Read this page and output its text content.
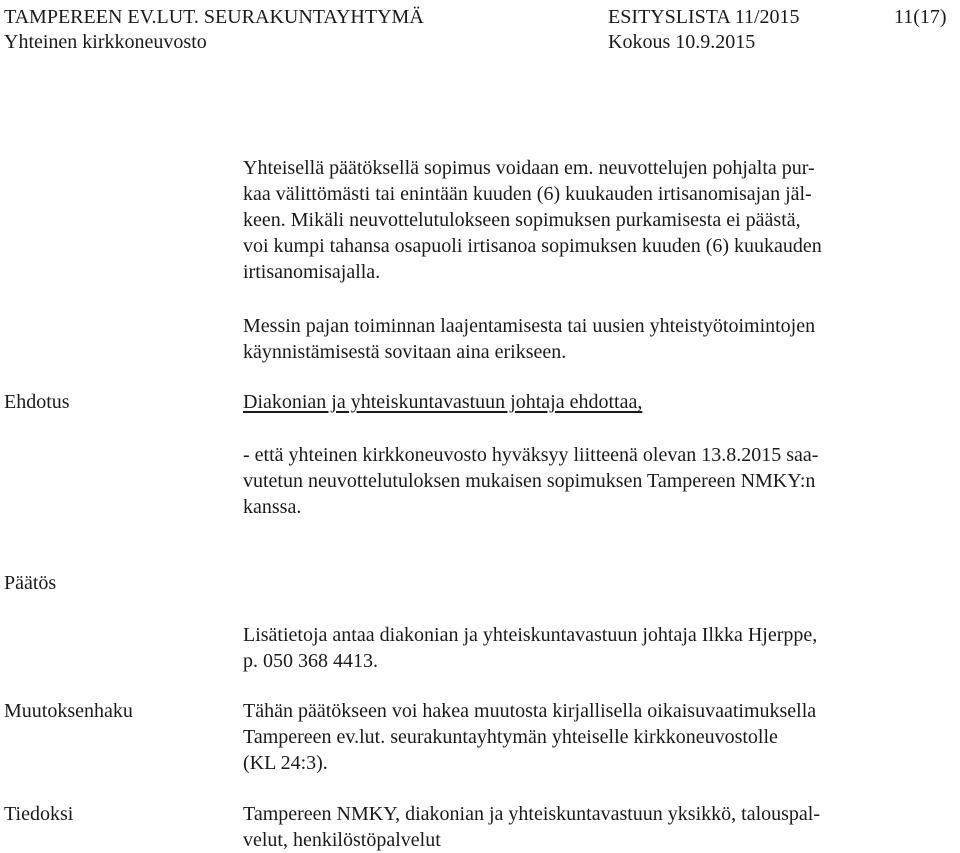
TAMPEREEN EV.LUT. SEURAKUNTAYHTYMÄ	ESITYSLISTA 11/2015	11(17)
Yhteinen kirkkoneuvosto	Kokous 10.9.2015
Yhteisellä päätöksellä sopimus voidaan em. neuvottelujen pohjalta pur-
kaa välittömästi tai enintään kuuden (6) kuukauden irtisanomisajan jäl-
keen. Mikäli neuvottelutulokseen sopimuksen purkamisesta ei päästä,
voi kumpi tahansa osapuoli irtisanoa sopimuksen kuuden (6) kuukauden
irtisanomisajalla.
Messin pajan toiminnan laajentamisesta tai uusien yhteistyötoimintojen
käynnistämisestä sovitaan aina erikseen.
Ehdotus	Diakonian ja yhteiskuntavastuun johtaja ehdottaa,
- että yhteinen kirkkoneuvosto hyväksyy liitteenä olevan 13.8.2015 saa-
vutetun neuvottelutuloksen mukaisen sopimuksen Tampereen NMKY:n
kanssa.
Päätös
Lisätietoja antaa diakonian ja yhteiskuntavastuun johtaja Ilkka Hjerppe,
p. 050 368 4413.
Muutoksenhaku	Tähän päätökseen voi hakea muutosta kirjallisella oikaisuvaatimuksella
Tampereen ev.lut. seurakuntayhtymän yhteiselle kirkkoneuvostolle
(KL 24:3).
Tiedoksi	Tampereen NMKY, diakonian ja yhteiskuntavastuun yksikkö, talouspal-
velut, henkilöstöpalvelut
